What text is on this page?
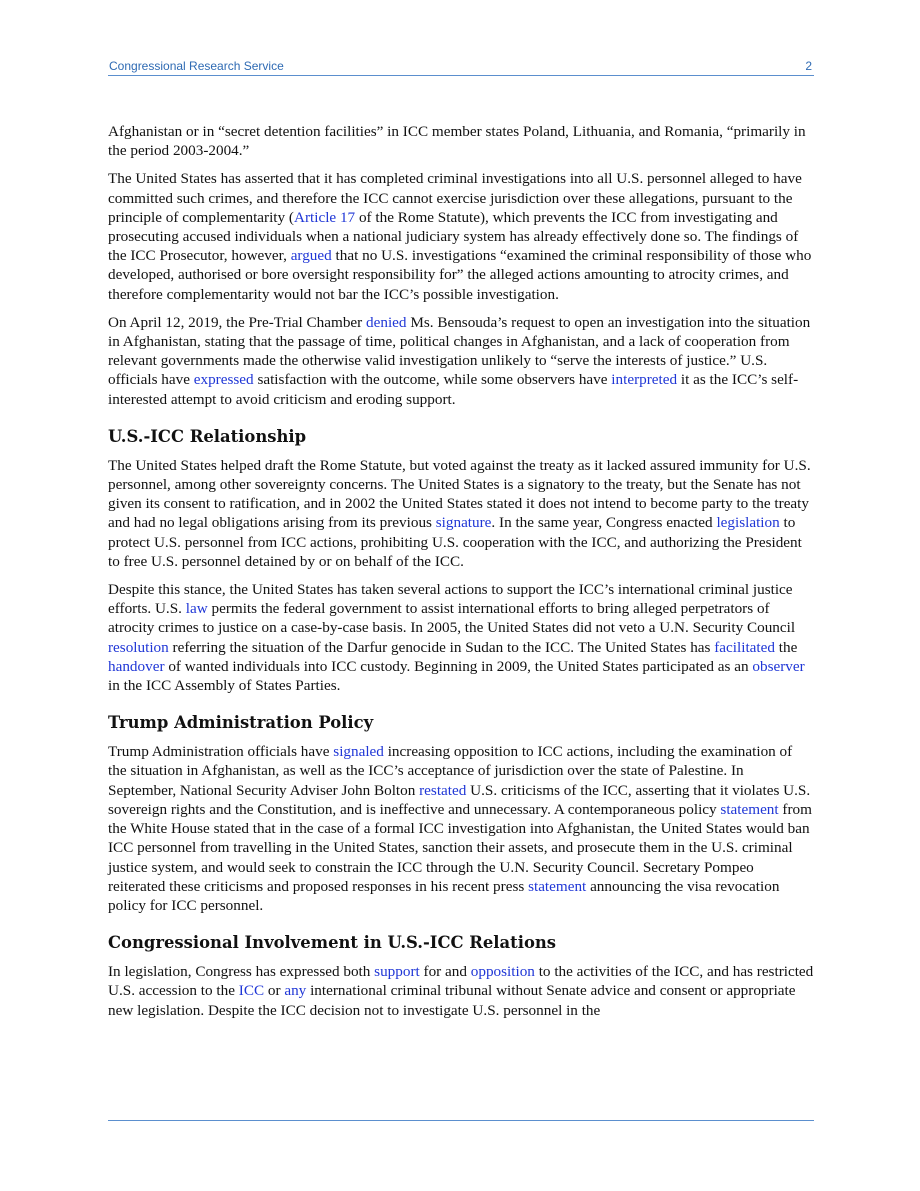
Congressional Research Service	2

Afghanistan or in “secret detention facilities” in ICC member states Poland, Lithuania, and Romania, “primarily in the period 2003-2004.”

The United States has asserted that it has completed criminal investigations into all U.S. personnel alleged to have committed such crimes, and therefore the ICC cannot exercise jurisdiction over these allegations, pursuant to the principle of complementarity (Article 17 of the Rome Statute), which prevents the ICC from investigating and prosecuting accused individuals when a national judiciary system has already effectively done so. The findings of the ICC Prosecutor, however, argued that no U.S. investigations “examined the criminal responsibility of those who developed, authorised or bore oversight responsibility for” the alleged actions amounting to atrocity crimes, and therefore complementarity would not bar the ICC’s possible investigation.

On April 12, 2019, the Pre-Trial Chamber denied Ms. Bensouda’s request to open an investigation into the situation in Afghanistan, stating that the passage of time, political changes in Afghanistan, and a lack of cooperation from relevant governments made the otherwise valid investigation unlikely to “serve the interests of justice.” U.S. officials have expressed satisfaction with the outcome, while some observers have interpreted it as the ICC’s self-interested attempt to avoid criticism and eroding support.

U.S.-ICC Relationship

The United States helped draft the Rome Statute, but voted against the treaty as it lacked assured immunity for U.S. personnel, among other sovereignty concerns. The United States is a signatory to the treaty, but the Senate has not given its consent to ratification, and in 2002 the United States stated it does not intend to become party to the treaty and had no legal obligations arising from its previous signature. In the same year, Congress enacted legislation to protect U.S. personnel from ICC actions, prohibiting U.S. cooperation with the ICC, and authorizing the President to free U.S. personnel detained by or on behalf of the ICC.

Despite this stance, the United States has taken several actions to support the ICC’s international criminal justice efforts. U.S. law permits the federal government to assist international efforts to bring alleged perpetrators of atrocity crimes to justice on a case-by-case basis. In 2005, the United States did not veto a U.N. Security Council resolution referring the situation of the Darfur genocide in Sudan to the ICC. The United States has facilitated the handover of wanted individuals into ICC custody. Beginning in 2009, the United States participated as an observer in the ICC Assembly of States Parties.

Trump Administration Policy

Trump Administration officials have signaled increasing opposition to ICC actions, including the examination of the situation in Afghanistan, as well as the ICC’s acceptance of jurisdiction over the state of Palestine. In September, National Security Adviser John Bolton restated U.S. criticisms of the ICC, asserting that it violates U.S. sovereign rights and the Constitution, and is ineffective and unnecessary. A contemporaneous policy statement from the White House stated that in the case of a formal ICC investigation into Afghanistan, the United States would ban ICC personnel from travelling in the United States, sanction their assets, and prosecute them in the U.S. criminal justice system, and would seek to constrain the ICC through the U.N. Security Council. Secretary Pompeo reiterated these criticisms and proposed responses in his recent press statement announcing the visa revocation policy for ICC personnel.

Congressional Involvement in U.S.-ICC Relations

In legislation, Congress has expressed both support for and opposition to the activities of the ICC, and has restricted U.S. accession to the ICC or any international criminal tribunal without Senate advice and consent or appropriate new legislation. Despite the ICC decision not to investigate U.S. personnel in the
